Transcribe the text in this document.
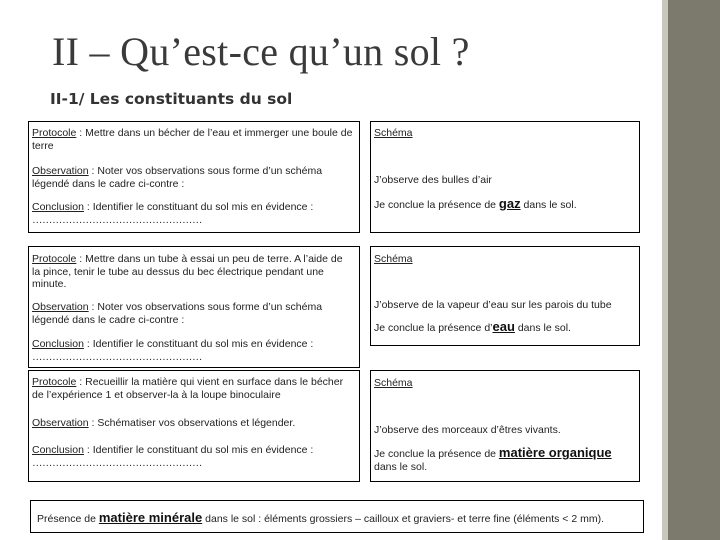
II – Qu’est-ce qu’un sol ?
II-1/ Les constituants du sol

Protocole : Mettre dans un bécher de l’eau et immerger une boule de terre

Observation : Noter vos observations sous forme d’un schéma légendé dans le cadre ci-contre :

Conclusion : Identifier le constituant du sol mis en évidence :
……………………………………………

Schéma

J’observe des bulles d’air

Je conclue la présence de gaz dans le sol.

Protocole : Mettre dans un tube à essai un peu de terre. A l’aide de la pince, tenir le tube au dessus du bec électrique pendant une minute.

Observation : Noter vos observations sous forme d’un schéma légendé dans le cadre ci-contre :

Conclusion : Identifier le constituant du sol mis en évidence :
……………………………………………

Schéma

J’observe de la vapeur d’eau sur les parois du tube

Je conclue la présence d’eau dans le sol.

Protocole : Recueillir la matière qui vient en surface dans le bécher de l’expérience 1 et observer-la à la loupe binoculaire

Observation : Schématiser vos observations et légender.

Conclusion : Identifier le constituant du sol mis en évidence :
……………………………………………

Schéma

J’observe des morceaux d’êtres vivants.

Je conclue la présence de matière organique
dans le sol.

Présence de matière minérale dans le sol : éléments grossiers – cailloux et graviers- et terre fine (éléments < 2 mm).
